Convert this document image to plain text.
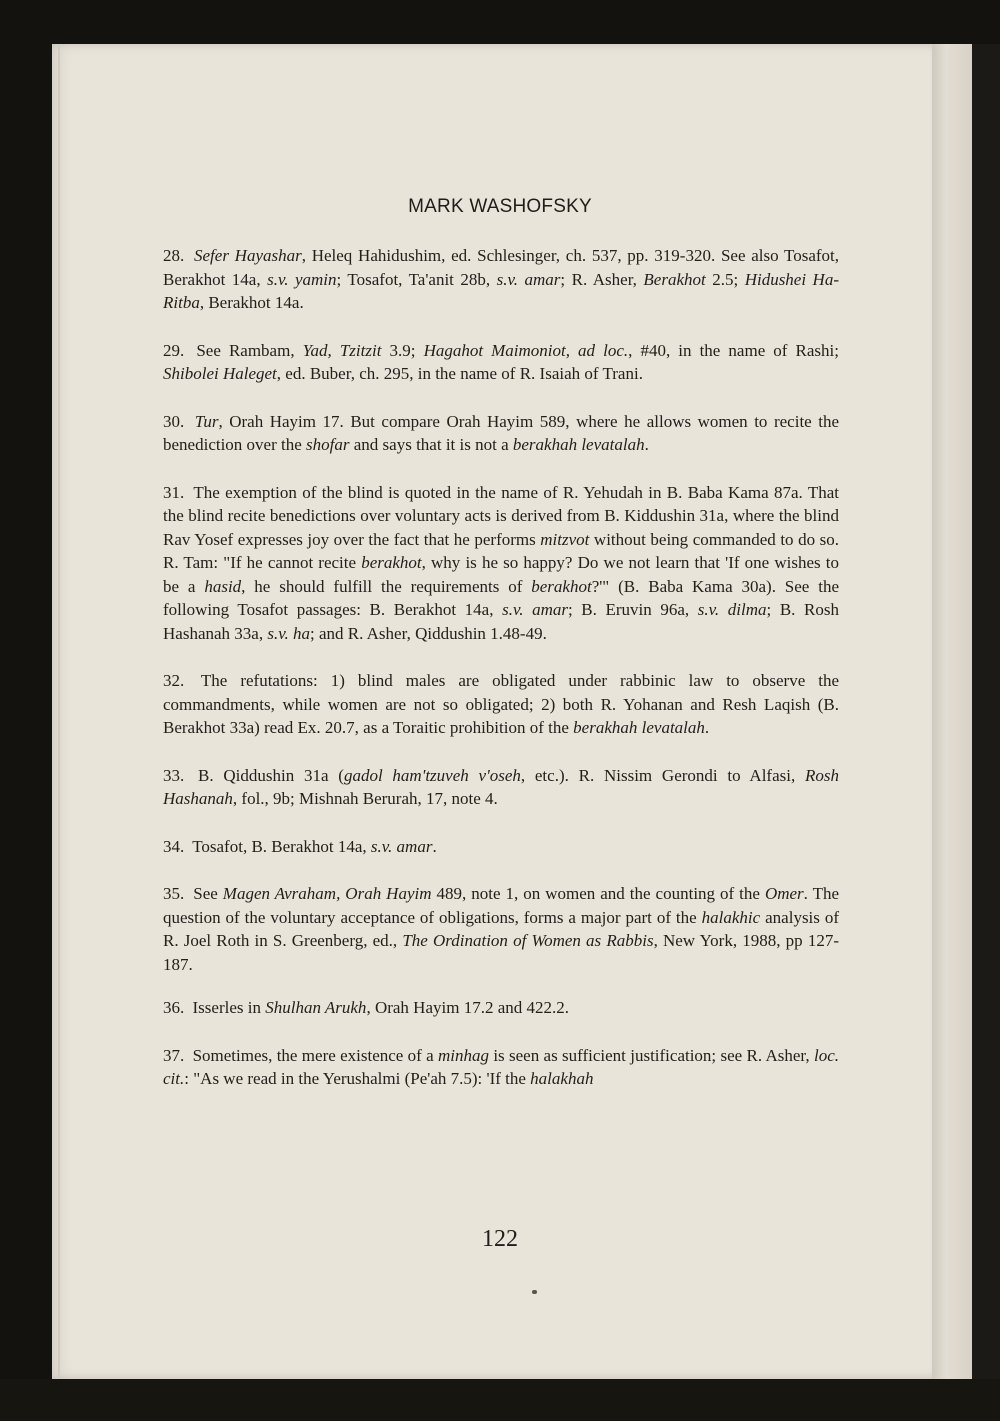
MARK WASHOFSKY

28. Sefer Hayashar, Heleq Hahidushim, ed. Schlesinger, ch. 537, pp. 319-320. See also Tosafot, Berakhot 14a, s.v. yamin; Tosafot, Ta'anit 28b, s.v. amar; R. Asher, Berakhot 2.5; Hidushei Ha-Ritba, Berakhot 14a.

29. See Rambam, Yad, Tzitzit 3.9; Hagahot Maimoniot, ad loc., #40, in the name of Rashi; Shibolei Haleget, ed. Buber, ch. 295, in the name of R. Isaiah of Trani.

30. Tur, Orah Hayim 17. But compare Orah Hayim 589, where he allows women to recite the benediction over the shofar and says that it is not a berakhah levatalah.

31. The exemption of the blind is quoted in the name of R. Yehudah in B. Baba Kama 87a. That the blind recite benedictions over voluntary acts is derived from B. Kiddushin 31a, where the blind Rav Yosef expresses joy over the fact that he performs mitzvot without being commanded to do so. R. Tam: "If he cannot recite berakhot, why is he so happy? Do we not learn that 'If one wishes to be a hasid, he should fulfill the requirements of berakhot?'" (B. Baba Kama 30a). See the following Tosafot passages: B. Berakhot 14a, s.v. amar; B. Eruvin 96a, s.v. dilma; B. Rosh Hashanah 33a, s.v. ha; and R. Asher, Qiddushin 1.48-49.

32. The refutations: 1) blind males are obligated under rabbinic law to observe the commandments, while women are not so obligated; 2) both R. Yohanan and Resh Laqish (B. Berakhot 33a) read Ex. 20.7, as a Toraitic prohibition of the berakhah levatalah.

33. B. Qiddushin 31a (gadol ham'tzuveh v'oseh, etc.). R. Nissim Gerondi to Alfasi, Rosh Hashanah, fol., 9b; Mishnah Berurah, 17, note 4.

34. Tosafot, B. Berakhot 14a, s.v. amar.

35. See Magen Avraham, Orah Hayim 489, note 1, on women and the counting of the Omer. The question of the voluntary acceptance of obligations, forms a major part of the halakhic analysis of R. Joel Roth in S. Greenberg, ed., The Ordination of Women as Rabbis, New York, 1988, pp 127-187.

36. Isserles in Shulhan Arukh, Orah Hayim 17.2 and 422.2.

37. Sometimes, the mere existence of a minhag is seen as sufficient justification; see R. Asher, loc. cit.: "As we read in the Yerushalmi (Pe'ah 7.5): 'If the halakhah

122
